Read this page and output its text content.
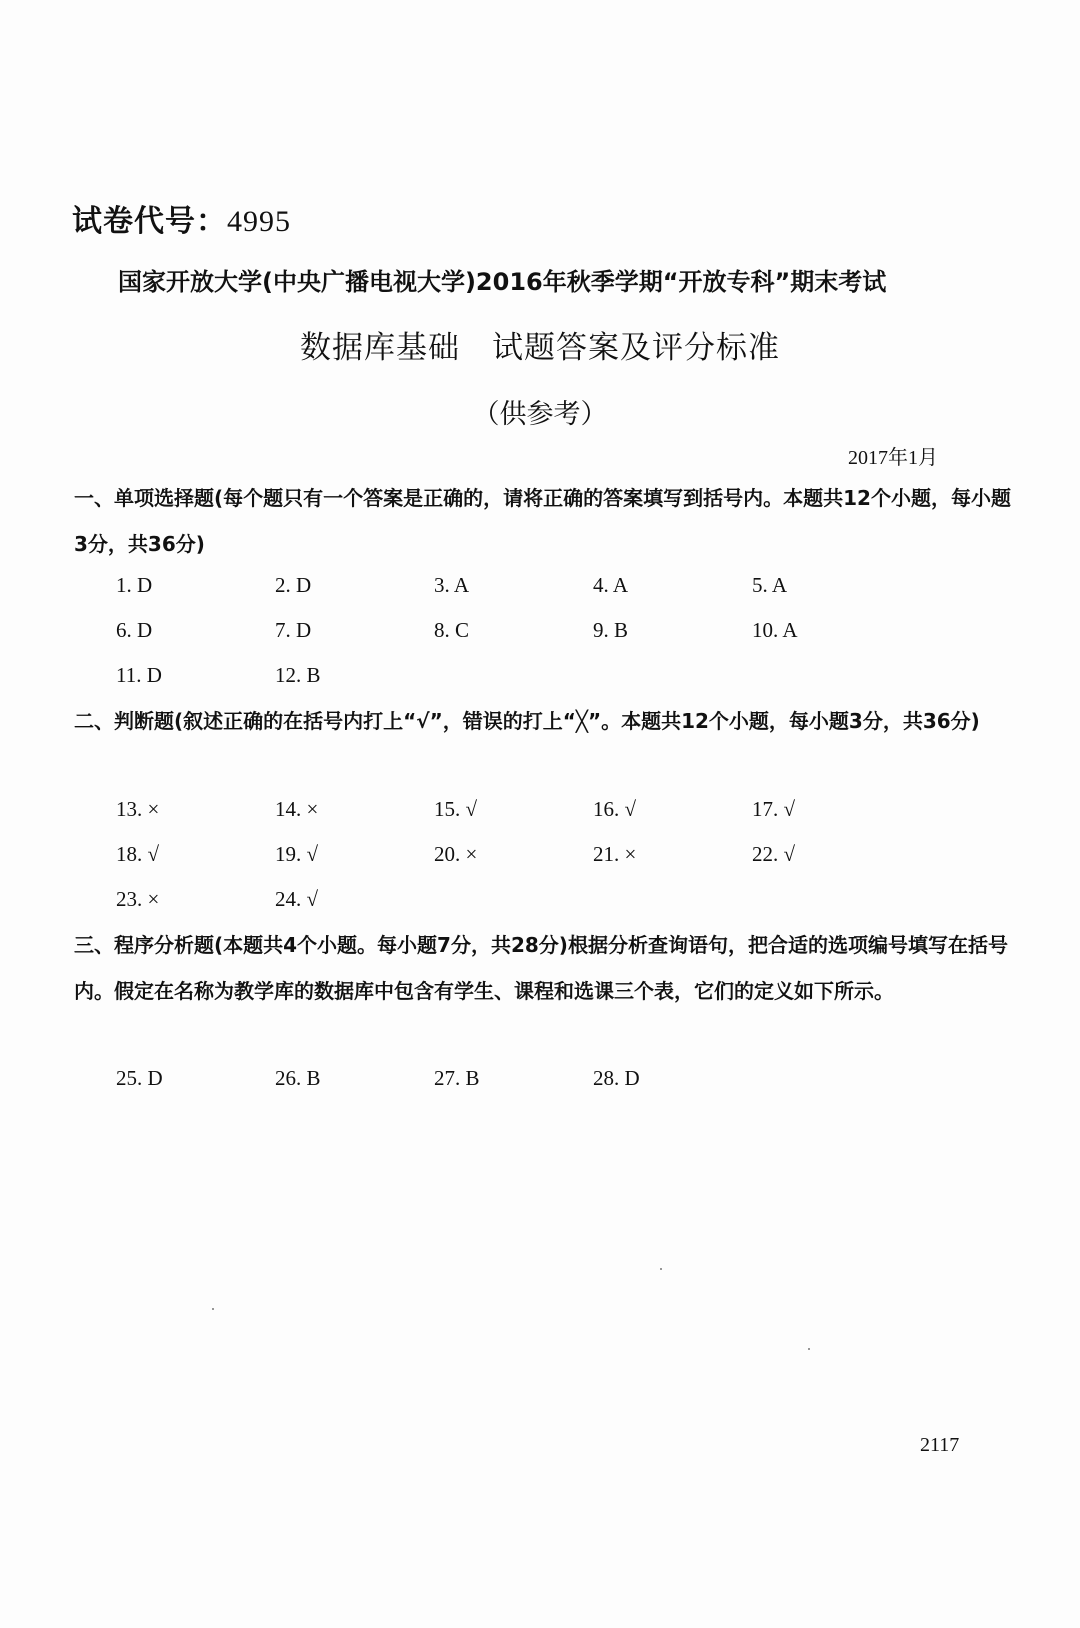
试卷代号：4995
国家开放大学(中央广播电视大学)2016年秋季学期“开放专科”期末考试
数据库基础　试题答案及评分标准
（供参考）
2017年1月
一、单项选择题(每个题只有一个答案是正确的，请将正确的答案填写到括号内。本题共12个小题，每小题3分，共36分)
1. D	2. D	3. A	4. A	5. A
6. D	7. D	8. C	9. B	10. A
11. D	12. B
二、判断题(叙述正确的在括号内打上“√”，错误的打上“╳”。本题共12个小题，每小题3分，共36分)
13. ×	14. ×	15. √	16. √	17. √
18. √	19. √	20. ×	21. ×	22. √
23. ×	24. √
三、程序分析题(本题共4个小题。每小题7分，共28分)根据分析查询语句，把合适的选项编号填写在括号内。假定在名称为教学库的数据库中包含有学生、课程和选课三个表，它们的定义如下所示。
25. D	26. B	27. B	28. D
2117
